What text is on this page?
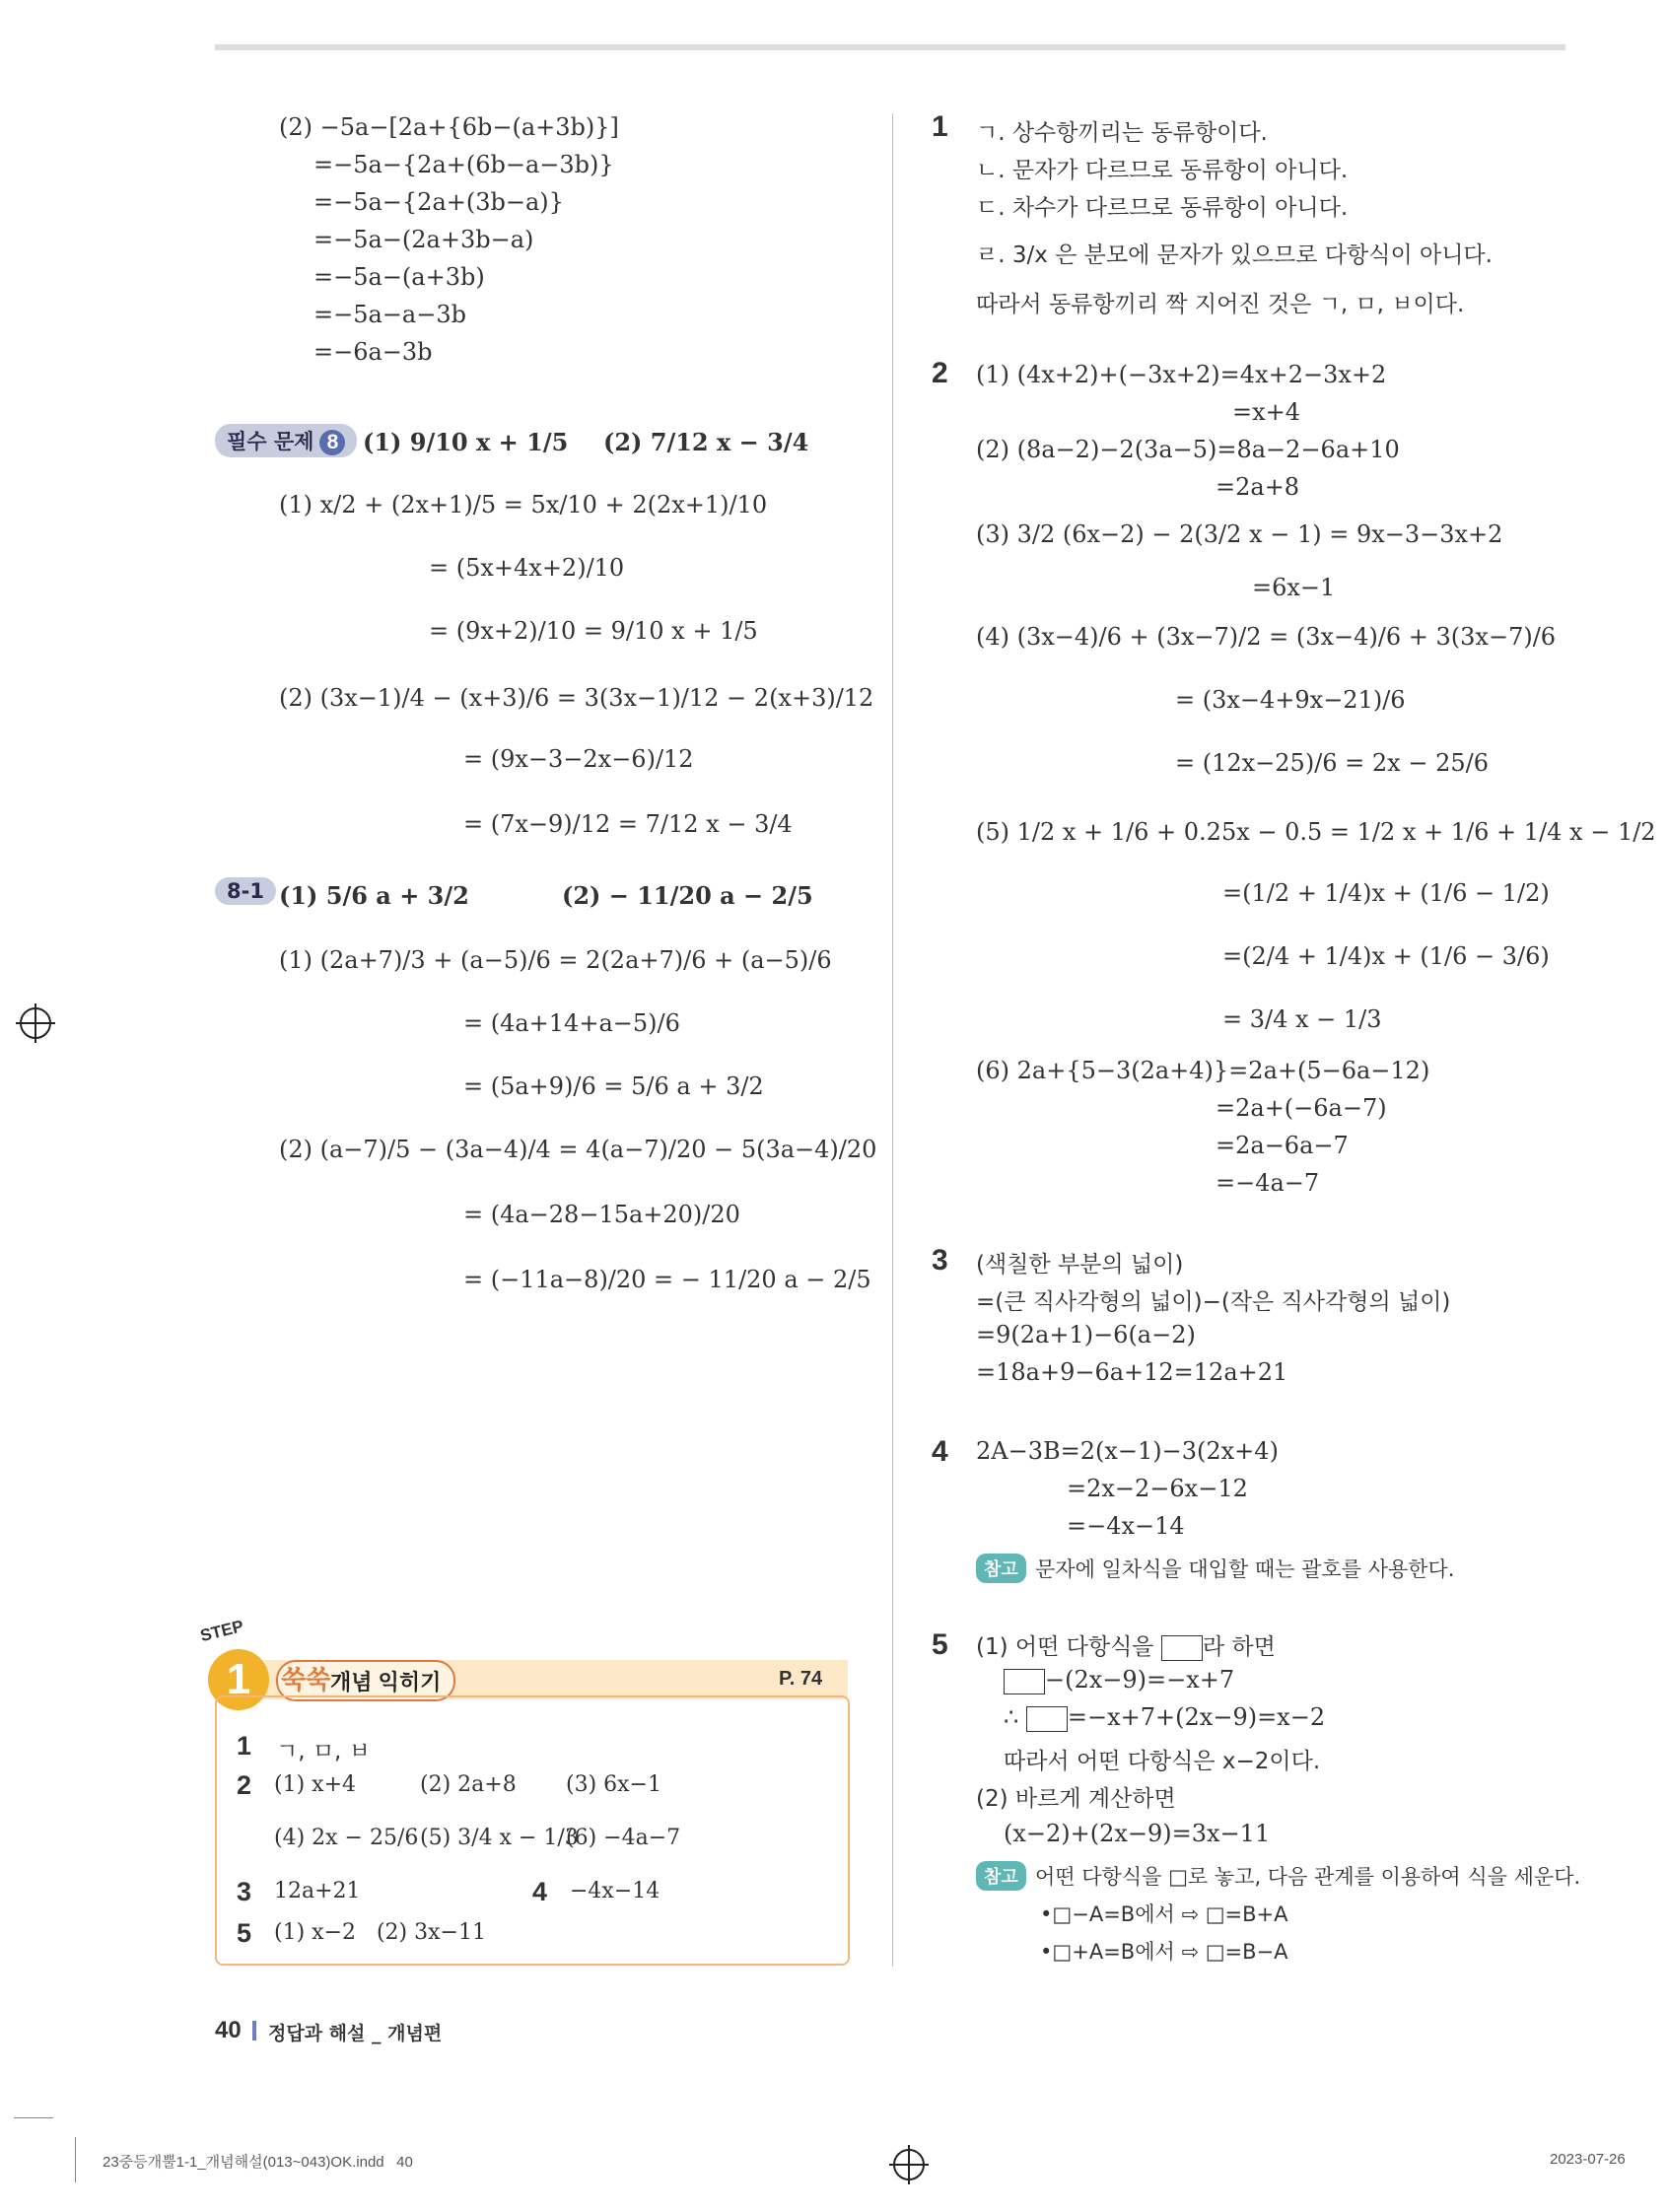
(2) −5a−[2a+{6b−(a+3b)}]
=−5a−{2a+(6b−a−3b)}
=−5a−{2a+(3b−a)}
=−5a−(2a+3b−a)
=−5a−(a+3b)
=−5a−a−3b
=−6a−3b
필수 문제 8	(1) 9/10 x + 1/5 (2) 7/12 x − 3/4
(1) x/2 + (2x+1)/5 = 5x/10 + 2(2x+1)/10
= (5x+4x+2)/10
= (9x+2)/10 = 9/10 x + 1/5
(2) (3x−1)/4 − (x+3)/6 = 3(3x−1)/12 − 2(x+3)/12
= (9x−3−2x−6)/12
= (7x−9)/12 = 7/12 x − 3/4
8-1 (1) 5/6 a + 3/2	(2) − 11/20 a − 2/5
(1) (2a+7)/3 + (a−5)/6 = 2(2a+7)/6 + (a−5)/6
= (4a+14+a−5)/6
= (5a+9)/6 = 5/6 a + 3/2
(2) (a−7)/5 − (3a−4)/4 = 4(a−7)/20 − 5(3a−4)/20
= (4a−28−15a+20)/20
= (−11a−8)/20 = − 11/20 a − 2/5
STEP
1	쑥쑥 개념 익히기	P. 74
1 ㄱ, ㅁ, ㅂ
2 (1) x+4	(2) 2a+8 (3) 6x−1
(4) 2x − 25/6 (5) 3/4 x − 1/3
(6) −4a−7
3 12a+21	4 −4x−14
5 (1) x−2   (2) 3x−11
1 ㄱ. 상수항끼리는 동류항이다.
ㄴ. 문자가 다르므로 동류항이 아니다.
ㄷ. 차수가 다르므로 동류항이 아니다.
ㄹ. 3/x 은 분모에 문자가 있으므로 다항식이 아니다.
따라서 동류항끼리 짝 지어진 것은 ㄱ, ㅁ, ㅂ이다.
2 (1) (4x+2)+(−3x+2)=4x+2−3x+2
=x+4
(2) (8a−2)−2(3a−5)=8a−2−6a+10
=2a+8
(3) 3/2 (6x−2) − 2(3/2 x − 1) = 9x−3−3x+2
=6x−1
(4) (3x−4)/6 + (3x−7)/2 = (3x−4)/6 + 3(3x−7)/6
= (3x−4+9x−21)/6
= (12x−25)/6 = 2x − 25/6
(5) 1/2 x + 1/6 + 0.25x − 0.5 = 1/2 x + 1/6 + 1/4 x − 1/2
=(1/2 + 1/4)x + (1/6 − 1/2)
=(2/4 + 1/4)x + (1/6 − 3/6)
= 3/4 x − 1/3
(6) 2a+{5−3(2a+4)}=2a+(5−6a−12)
=2a+(−6a−7)
=2a−6a−7
=−4a−7
3 (색칠한 부분의 넓이)
=(큰 직사각형의 넓이)−(작은 직사각형의 넓이)
=9(2a+1)−6(a−2)
=18a+9−6a+12=12a+21
4 2A−3B=2(x−1)−3(2x+4)
=2x−2−6x−12
=−4x−14
참고 문자에 일차식을 대입할 때는 괄호를 사용한다.
5 (1) 어떤 다항식을 라 하면
−(2x−9)=−x+7
∴ =−x+7+(2x−9)=x−2
따라서 어떤 다항식은 x−2이다.
(2) 바르게 계산하면
(x−2)+(2x−9)=3x−11
참고 어떤 다항식을 □로 놓고, 다음 관계를 이용하여 식을 세운다.
•□−A=B에서 ⇨ □=B+A
•□+A=B에서 ⇨ □=B−A
40 정답과 해설 _ 개념편
23중등개뿔1-1_개념해설(013~043)OK.indd   40	2023-07-26
